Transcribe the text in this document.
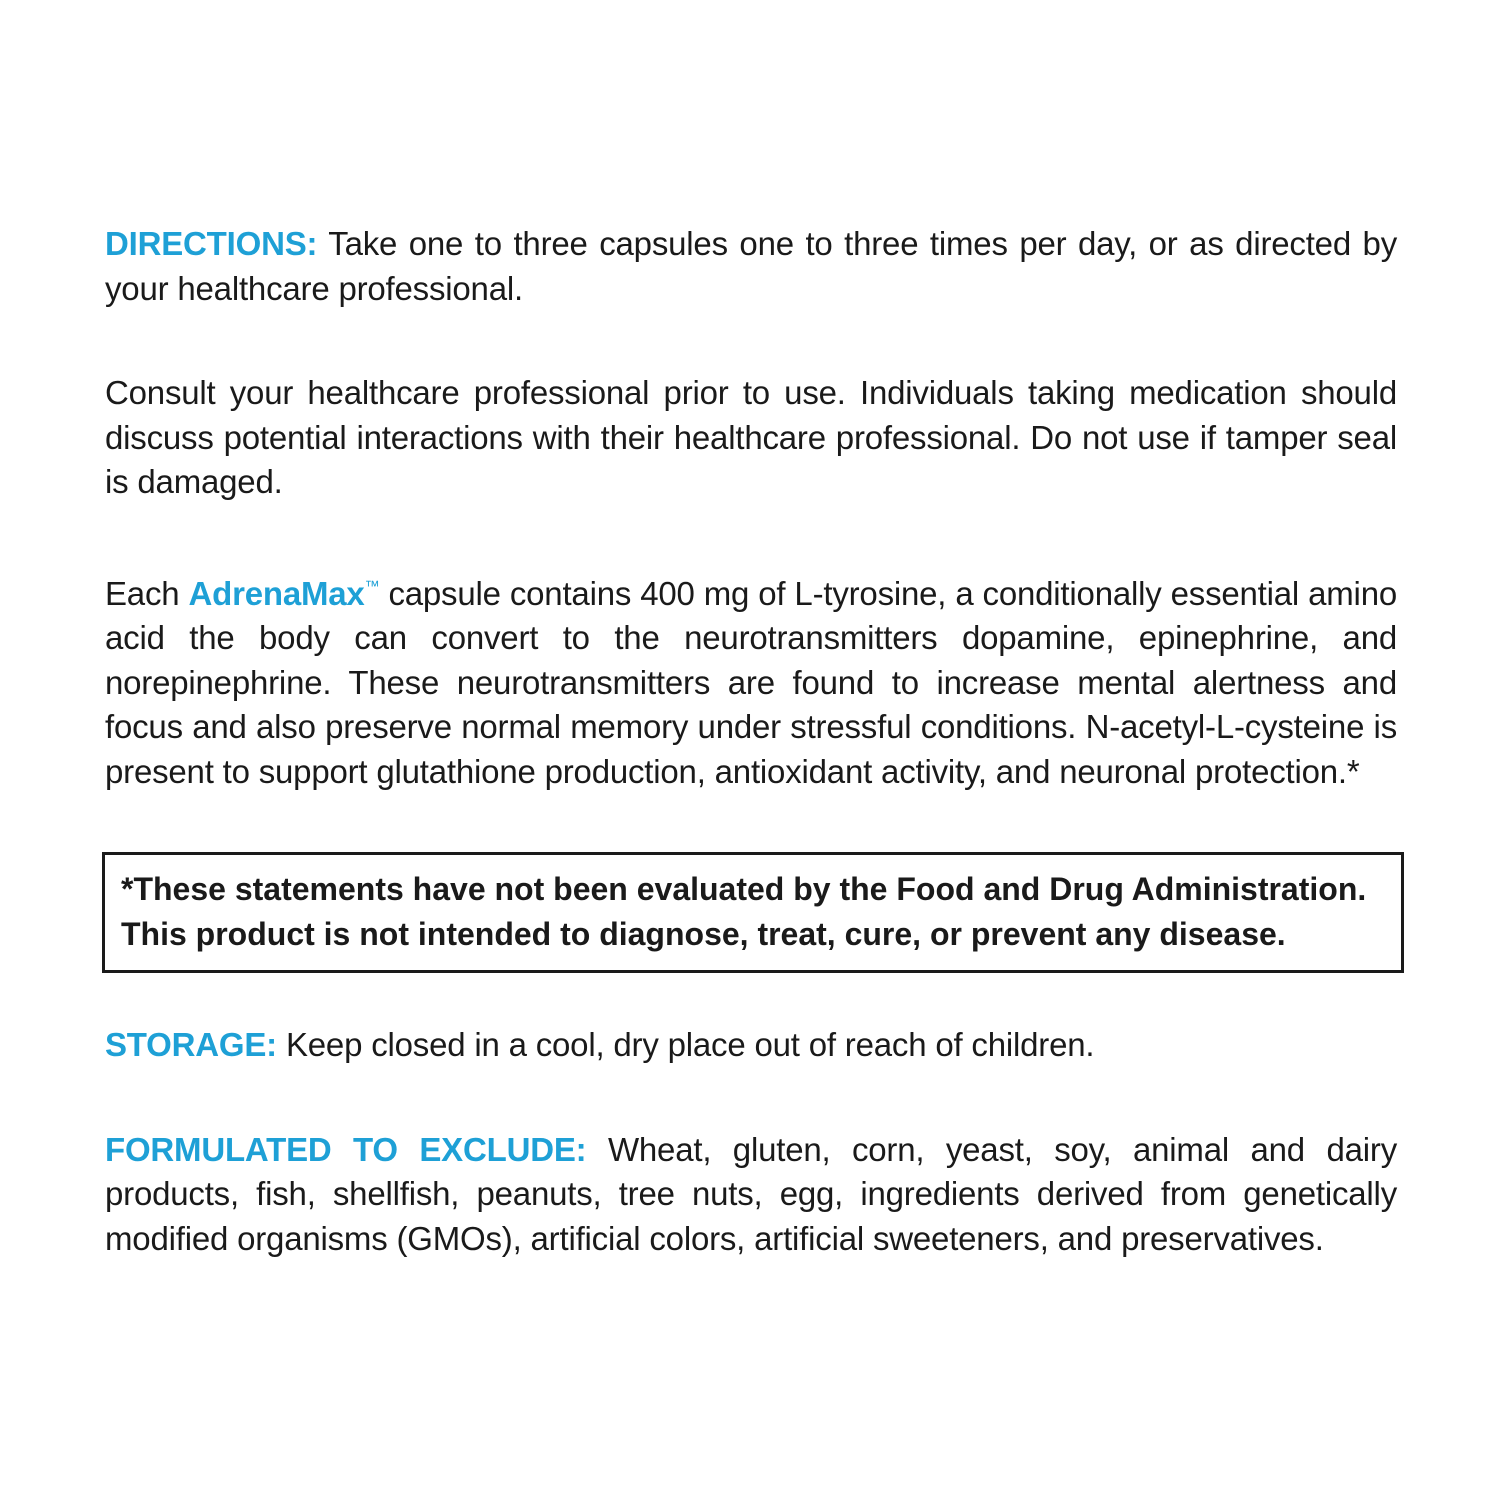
DIRECTIONS: Take one to three capsules one to three times per day, or as directed by your healthcare professional.

Consult your healthcare professional prior to use. Individuals taking medication should discuss potential interactions with their healthcare professional. Do not use if tamper seal is damaged.

Each AdrenaMax™ capsule contains 400 mg of L-tyrosine, a conditionally essential amino acid the body can convert to the neurotransmitters dopamine, epinephrine, and norepinephrine. These neurotransmitters are found to increase mental alertness and focus and also preserve normal memory under stressful conditions. N-acetyl-L-cysteine is present to support glutathione production, antioxidant activity, and neuronal protection.*

*These statements have not been evaluated by the Food and Drug Administration.
This product is not intended to diagnose, treat, cure, or prevent any disease.

STORAGE: Keep closed in a cool, dry place out of reach of children.

FORMULATED TO EXCLUDE: Wheat, gluten, corn, yeast, soy, animal and dairy products, fish, shellfish, peanuts, tree nuts, egg, ingredients derived from genetically modified organisms (GMOs), artificial colors, artificial sweeteners, and preservatives.
